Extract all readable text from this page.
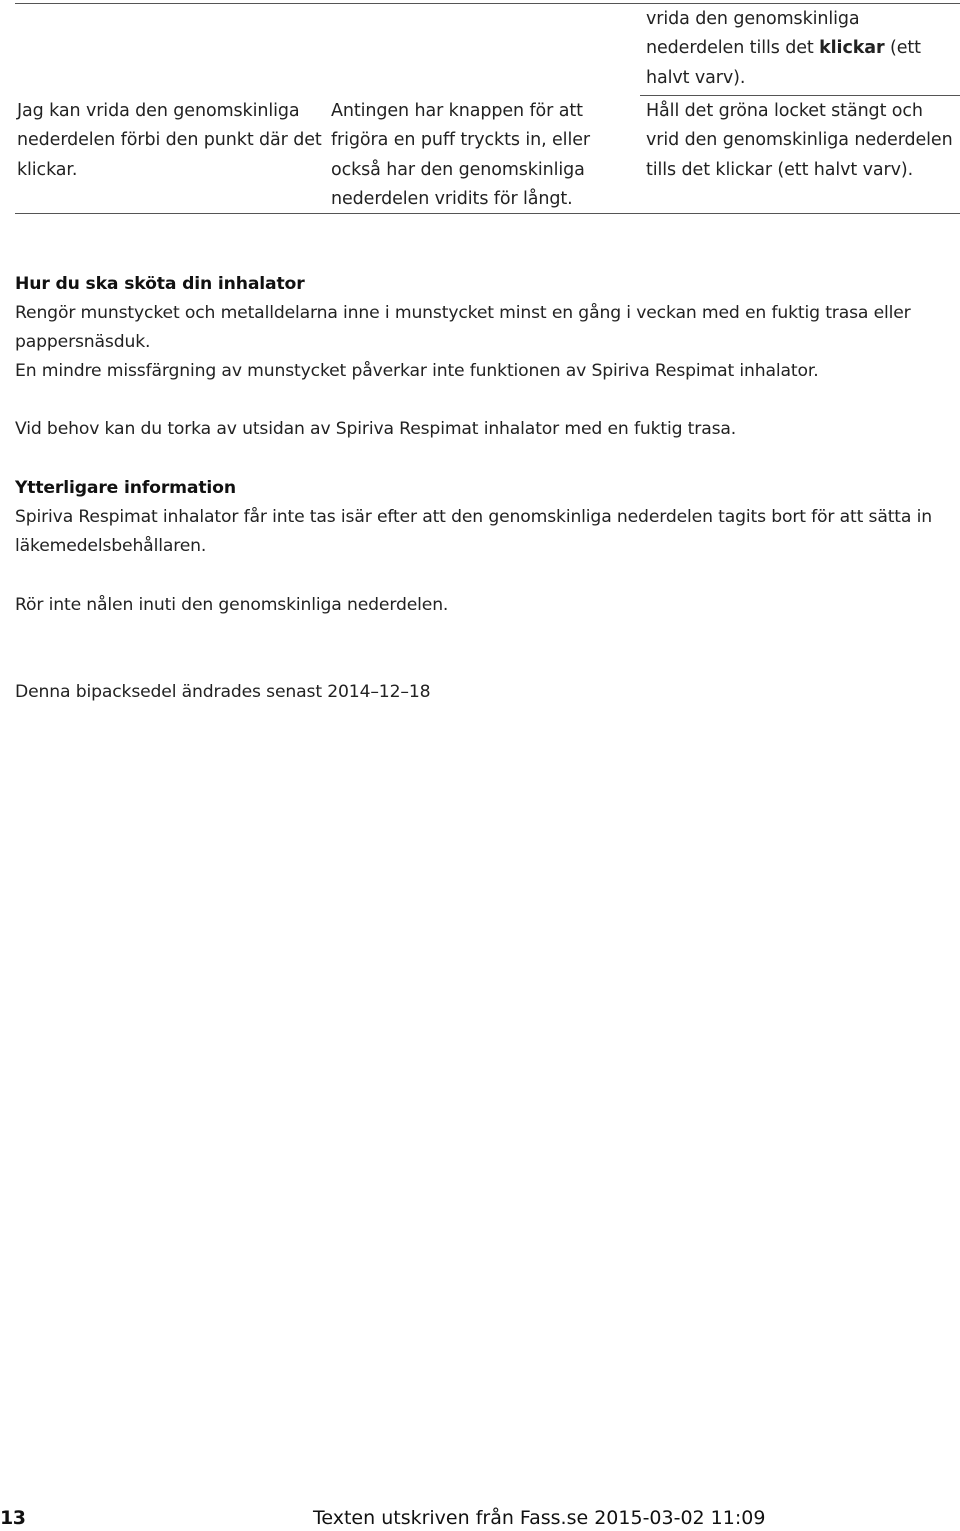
vrida den genomskinliga nederdelen tills det klickar (ett halvt varv).
Jag kan vrida den genomskinliga nederdelen förbi den punkt där det klickar.
Antingen har knappen för att frigöra en puff tryckts in, eller också har den genomskinliga nederdelen vridits för långt.
Håll det gröna locket stängt och vrid den genomskinliga nederdelen tills det klickar (ett halvt varv).
Hur du ska sköta din inhalator
Rengör munstycket och metalldelarna inne i munstycket minst en gång i veckan med en fuktig trasa eller pappersnäsduk.
En mindre missfärgning av munstycket påverkar inte funktionen av Spiriva Respimat inhalator.
Vid behov kan du torka av utsidan av Spiriva Respimat inhalator med en fuktig trasa.
Ytterligare information
Spiriva Respimat inhalator får inte tas isär efter att den genomskinliga nederdelen tagits bort för att sätta in läkemedelsbehållaren.
Rör inte nålen inuti den genomskinliga nederdelen.
Denna bipacksedel ändrades senast 2014–12–18
13	Texten utskriven från Fass.se 2015-03-02 11:09
